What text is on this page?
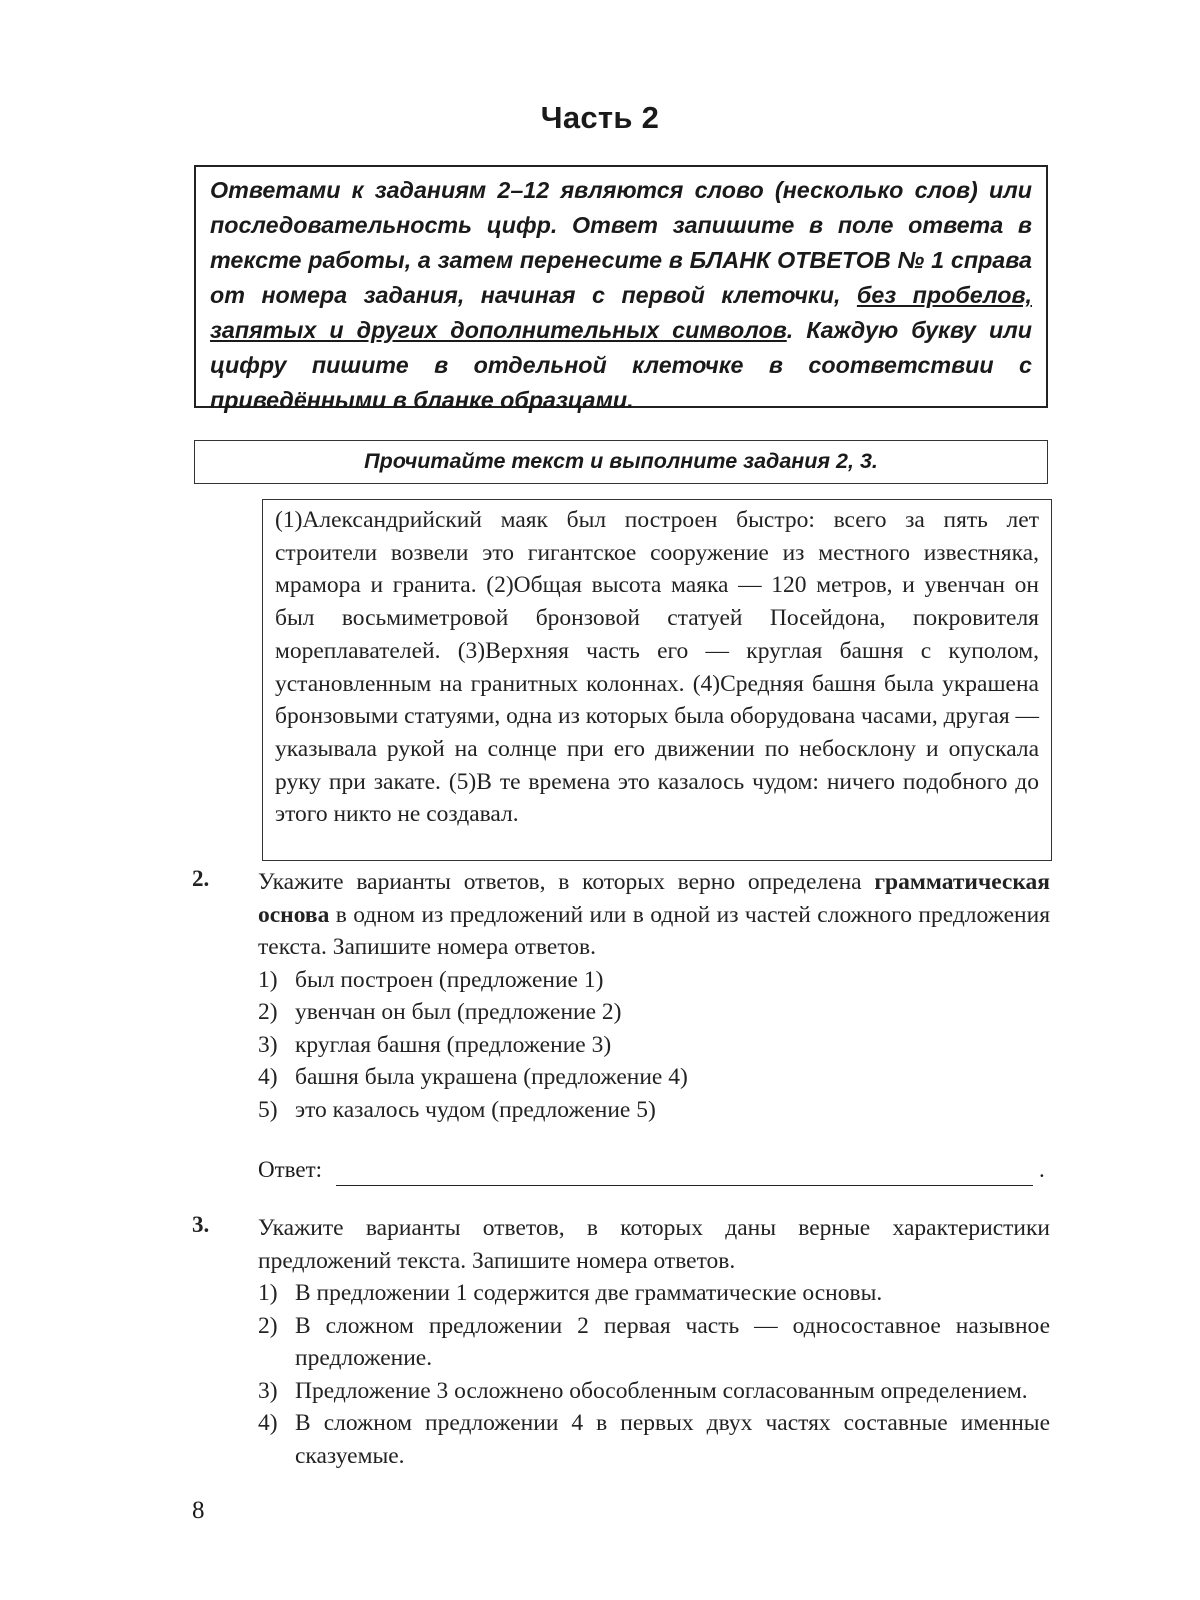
Часть 2
Ответами к заданиям 2–12 являются слово (несколько слов) или последовательность цифр. Ответ запишите в поле ответа в тексте работы, а затем перенесите в БЛАНК ОТВЕТОВ № 1 справа от номера задания, начиная с первой клеточки, без пробелов, запятых и других дополнительных символов. Каждую букву или цифру пишите в отдельной клеточке в соответствии с приведёнными в бланке образцами.
Прочитайте текст и выполните задания 2, 3.
(1)Александрийский маяк был построен быстро: всего за пять лет строители возвели это гигантское сооружение из местного известняка, мрамора и гранита. (2)Общая высота маяка — 120 метров, и увенчан он был восьмиметровой бронзовой статуей Посейдона, покровителя мореплавателей. (3)Верхняя часть его — круглая башня с куполом, установленным на гранитных колоннах. (4)Средняя башня была украшена бронзовыми статуями, одна из которых была оборудована часами, другая — указывала рукой на солнце при его движении по небосклону и опускала руку при закате. (5)В те времена это казалось чудом: ничего подобного до этого никто не создавал.
2. Укажите варианты ответов, в которых верно определена грамматическая основа в одном из предложений или в одной из частей сложного предложения текста. Запишите номера ответов.

1) был построен (предложение 1)
2) увенчан он был (предложение 2)
3) круглая башня (предложение 3)
4) башня была украшена (предложение 4)
5) это казалось чудом (предложение 5)
Ответ:	.
3. Укажите варианты ответов, в которых даны верные характеристики предложений текста. Запишите номера ответов.

1) В предложении 1 содержится две грамматические основы.
2) В сложном предложении 2 первая часть — односоставное назывное предложение.
3) Предложение 3 осложнено обособленным согласованным определением.
4) В сложном предложении 4 в первых двух частях составные именные сказуемые.
8
